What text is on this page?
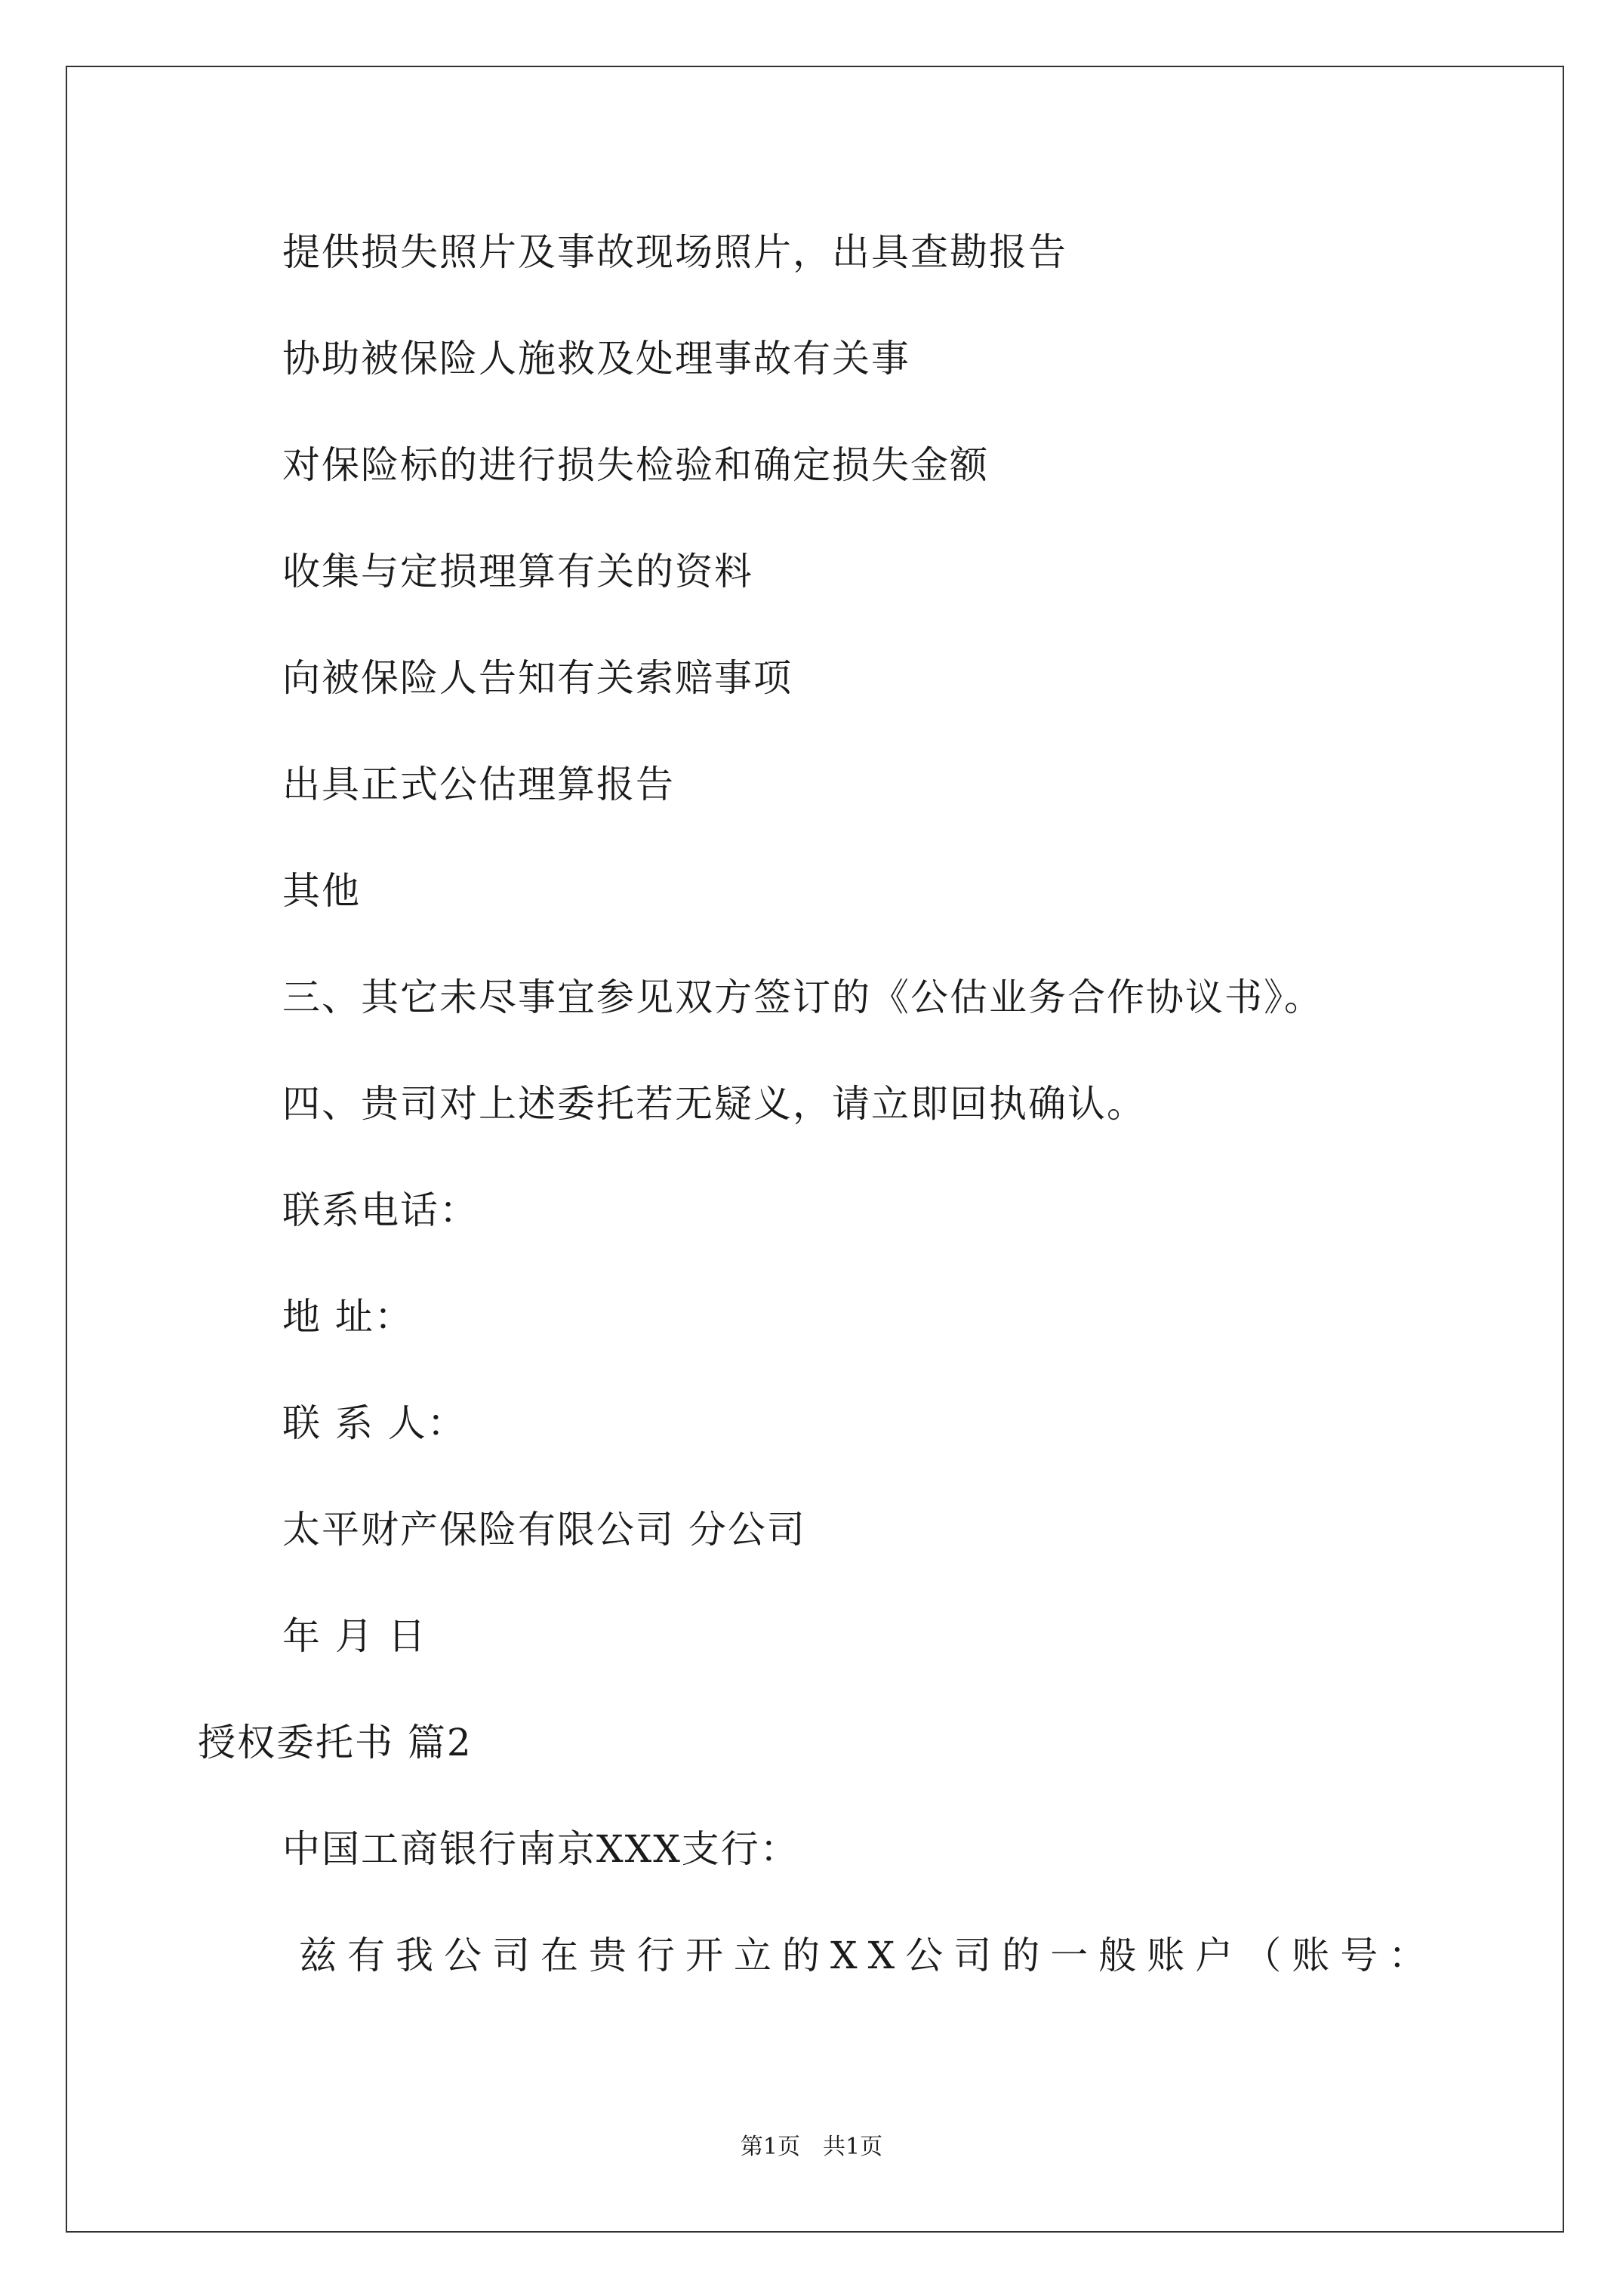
提供损失照片及事故现场照片，出具查勘报告
协助被保险人施救及处理事故有关事
对保险标的进行损失检验和确定损失金额
收集与定损理算有关的资料
向被保险人告知有关索赔事项
出具正式公估理算报告
其他
三、其它未尽事宜参见双方签订的《公估业务合作协议书》。
四、贵司对上述委托若无疑义，请立即回执确认。
联系电话：
地 址：
联 系 人：
太平财产保险有限公司 分公司
年 月 日
授权委托书 篇2
中国工商银行南京XXX支行：
兹有我公司在贵行开立的XX公司的一般账户（账号：
第1页　共1页
